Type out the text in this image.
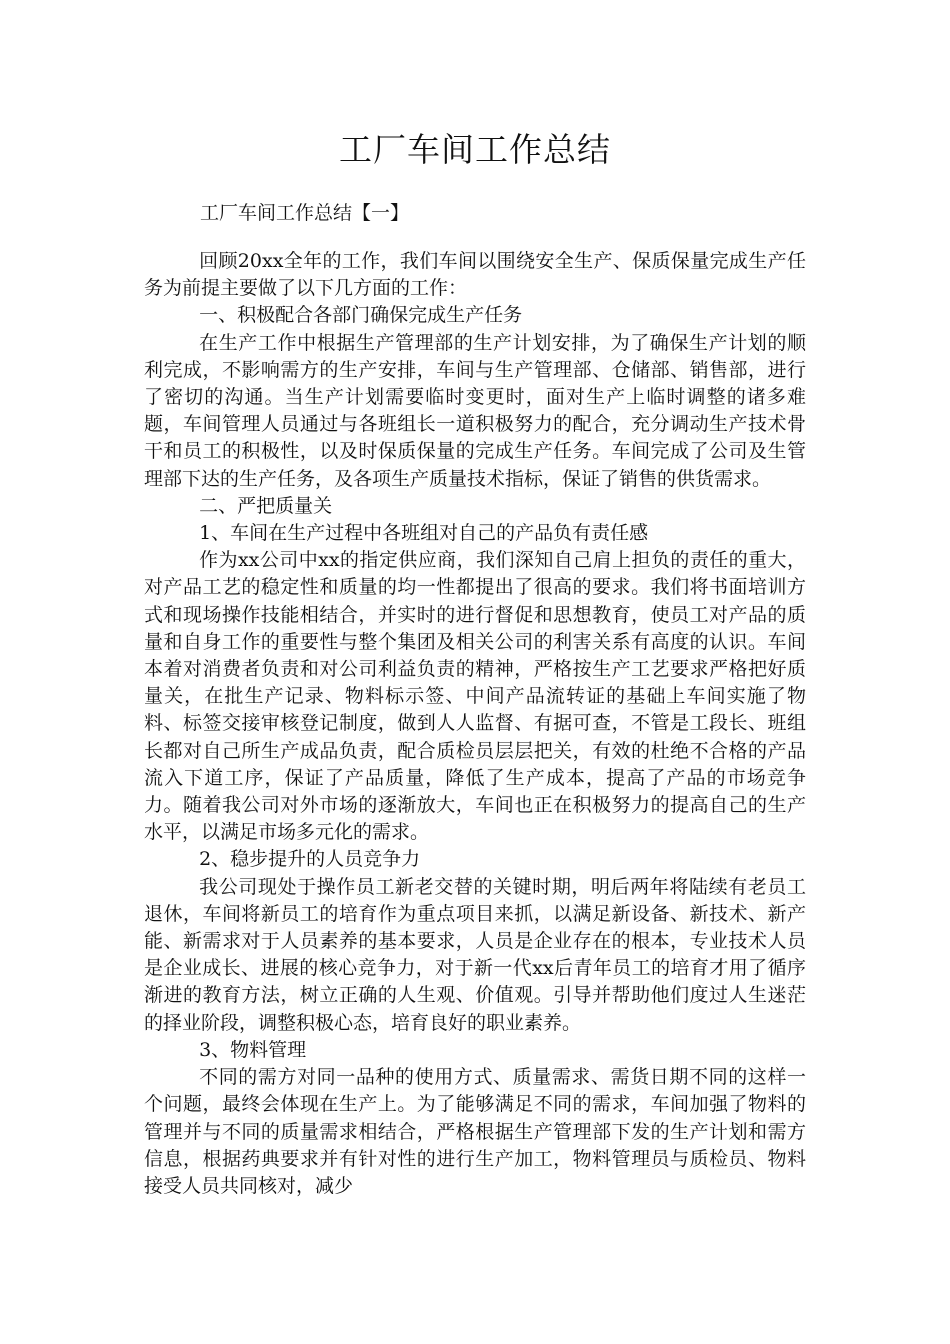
工厂车间工作总结
工厂车间工作总结【一】

回顾20xx全年的工作，我们车间以围绕安全生产、保质保量完成生产任务为前提主要做了以下几方面的工作：

一、积极配合各部门确保完成生产任务

在生产工作中根据生产管理部的生产计划安排，为了确保生产计划的顺利完成，不影响需方的生产安排，车间与生产管理部、仓储部、销售部，进行了密切的沟通。当生产计划需要临时变更时，面对生产上临时调整的诸多难题，车间管理人员通过与各班组长一道积极努力的配合，充分调动生产技术骨干和员工的积极性，以及时保质保量的完成生产任务。车间完成了公司及生管理部下达的生产任务，及各项生产质量技术指标，保证了销售的供货需求。

二、严把质量关

1、车间在生产过程中各班组对自己的产品负有责任感

作为xx公司中xx的指定供应商，我们深知自己肩上担负的责任的重大，对产品工艺的稳定性和质量的均一性都提出了很高的要求。我们将书面培训方式和现场操作技能相结合，并实时的进行督促和思想教育，使员工对产品的质量和自身工作的重要性与整个集团及相关公司的利害关系有高度的认识。车间本着对消费者负责和对公司利益负责的精神，严格按生产工艺要求严格把好质量关，在批生产记录、物料标示签、中间产品流转证的基础上车间实施了物料、标签交接审核登记制度，做到人人监督、有据可查，不管是工段长、班组长都对自己所生产成品负责，配合质检员层层把关，有效的杜绝不合格的产品流入下道工序，保证了产品质量，降低了生产成本，提高了产品的市场竞争力。随着我公司对外市场的逐渐放大，车间也正在积极努力的提高自己的生产水平，以满足市场多元化的需求。

2、稳步提升的人员竞争力

我公司现处于操作员工新老交替的关键时期，明后两年将陆续有老员工退休，车间将新员工的培育作为重点项目来抓，以满足新设备、新技术、新产能、新需求对于人员素养的基本要求，人员是企业存在的根本，专业技术人员是企业成长、进展的核心竞争力，对于新一代xx后青年员工的培育才用了循序渐进的教育方法，树立正确的人生观、价值观。引导并帮助他们度过人生迷茫的择业阶段，调整积极心态，培育良好的职业素养。

3、物料管理

不同的需方对同一品种的使用方式、质量需求、需货日期不同的这样一个问题，最终会体现在生产上。为了能够满足不同的需求，车间加强了物料的管理并与不同的质量需求相结合，严格根据生产管理部下发的生产计划和需方信息，根据药典要求并有针对性的进行生产加工，物料管理员与质检员、物料接受人员共同核对，减少
